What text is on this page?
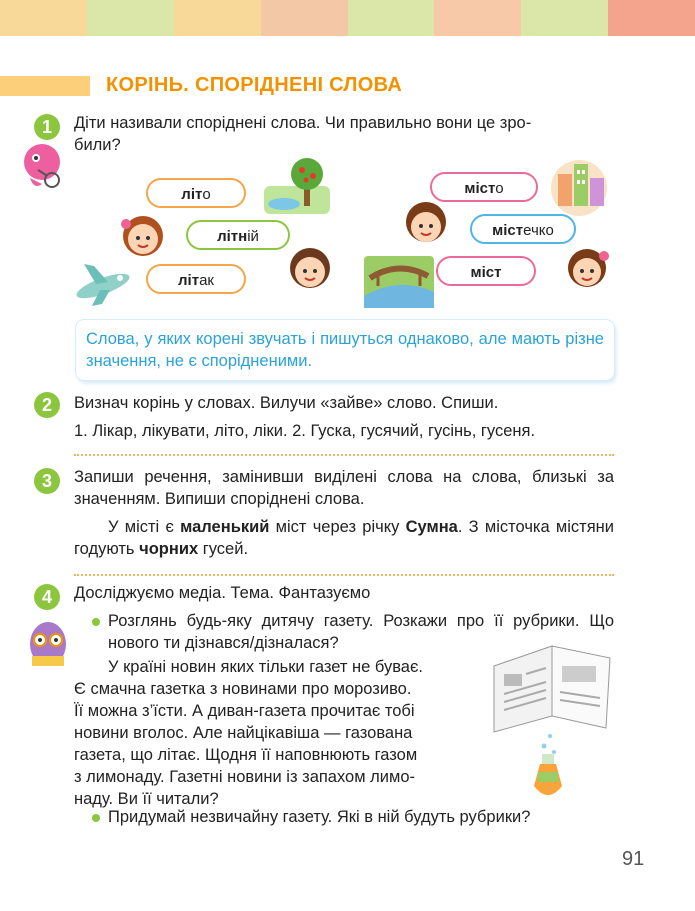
КОРІНЬ. СПОРІДНЕНІ СЛОВА
1	Діти називали споріднені слова. Чи правильно вони це зро-
били?
літо
літній
літак
місто
містечко
міст
Слова, у яких корені звучать і пишуться однаково, але мають різне значення, не є спорідненими.
2	Визнач корінь у словах. Вилучи «зайве» слово. Спиши.
1. Лікар, лікувати, літо, ліки. 2. Гуска, гусячий, гусінь, гусеня.
3	Запиши речення, замінивши виділені слова на слова, близькі за значенням. Випиши споріднені слова.
У місті є маленький міст через річку Сумна. З місточка містяни годують чорних гусей.
4	Досліджуємо медіа. Тема. Фантазуємо
Розглянь будь-яку дитячу газету. Розкажи про її рубрики. Що нового ти дізнався/дізналася?
У країні новин яких тільки газет не буває.
Є смачна газетка з новинами про морозиво.
Її можна з’їсти. А диван-газета прочитає тобі
новини вголос. Але найцікавіша — газована
газета, що літає. Щодня її наповнюють газом
з лимонаду. Газетні новини із запахом лимо-
наду. Ви її читали?
Придумай незвичайну газету. Які в ній будуть рубрики?
91
